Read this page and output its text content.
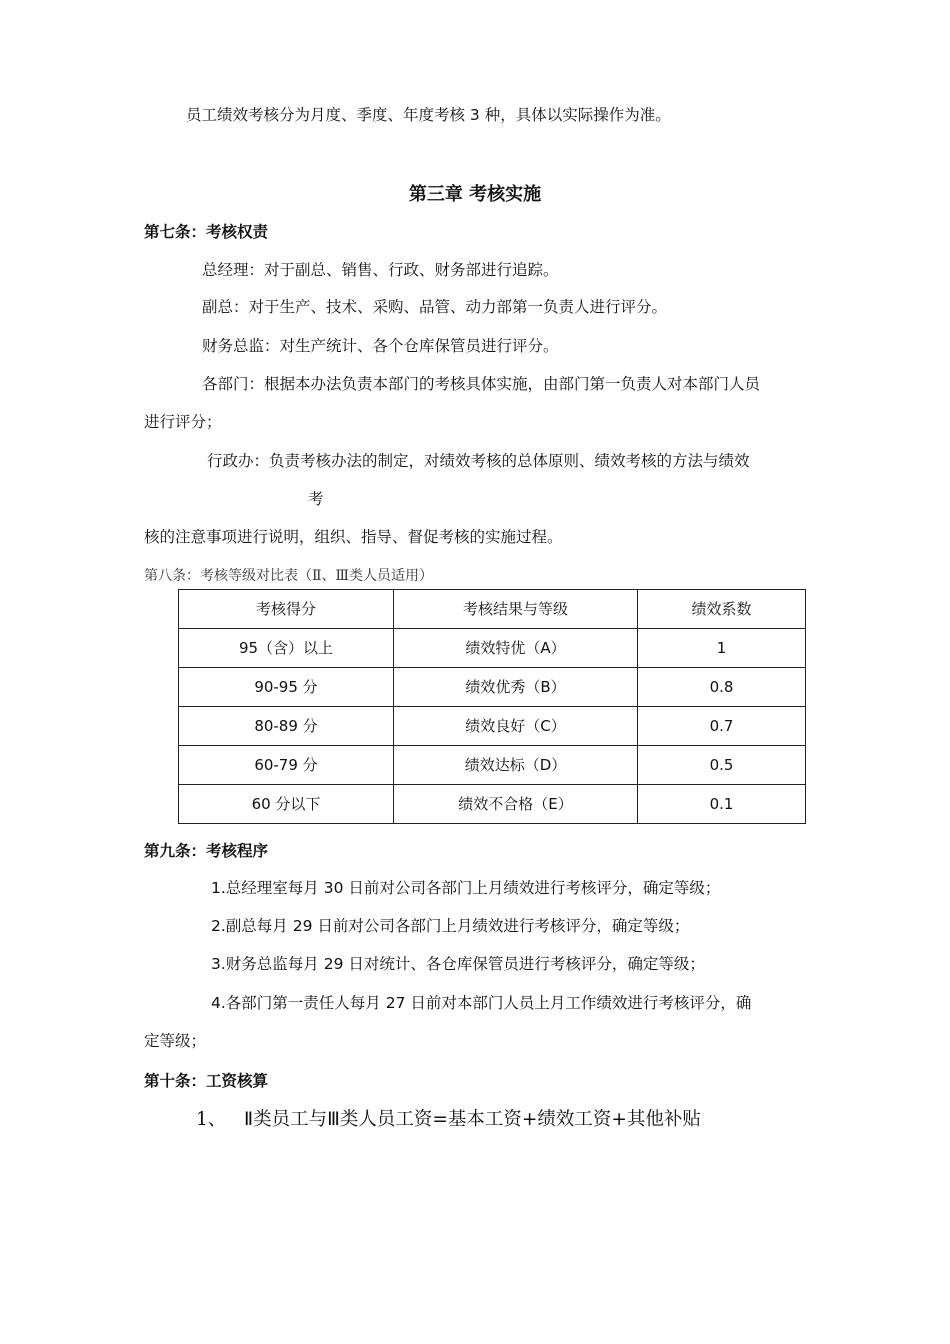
员工绩效考核分为月度、季度、年度考核 3 种，具体以实际操作为准。
第三章 考核实施
第七条：考核权责
总经理：对于副总、销售、行政、财务部进行追踪。
副总：对于生产、技术、采购、品管、动力部第一负责人进行评分。
财务总监：对生产统计、各个仓库保管员进行评分。
各部门：根据本办法负责本部门的考核具体实施，由部门第一负责人对本部门人员
进行评分；
行政办：负责考核办法的制定，对绩效考核的总体原则、绩效考核的方法与绩效
考
核的注意事项进行说明，组织、指导、督促考核的实施过程。
第八条：考核等级对比表（Ⅱ、Ⅲ类人员适用）
考核得分	考核结果与等级	绩效系数
95（含）以上	绩效特优（A）	1
90-95 分	绩效优秀（B）	0.8
80-89 分	绩效良好（C）	0.7
60-79 分	绩效达标（D）	0.5
60 分以下	绩效不合格（E）	0.1
第九条：考核程序
1.总经理室每月 30 日前对公司各部门上月绩效进行考核评分，确定等级；
2.副总每月 29 日前对公司各部门上月绩效进行考核评分，确定等级；
3.财务总监每月 29 日对统计、各仓库保管员进行考核评分，确定等级；
4.各部门第一责任人每月 27 日前对本部门人员上月工作绩效进行考核评分，确
定等级；
第十条：工资核算
1、 Ⅱ类员工与Ⅲ类人员工资=基本工资+绩效工资+其他补贴
